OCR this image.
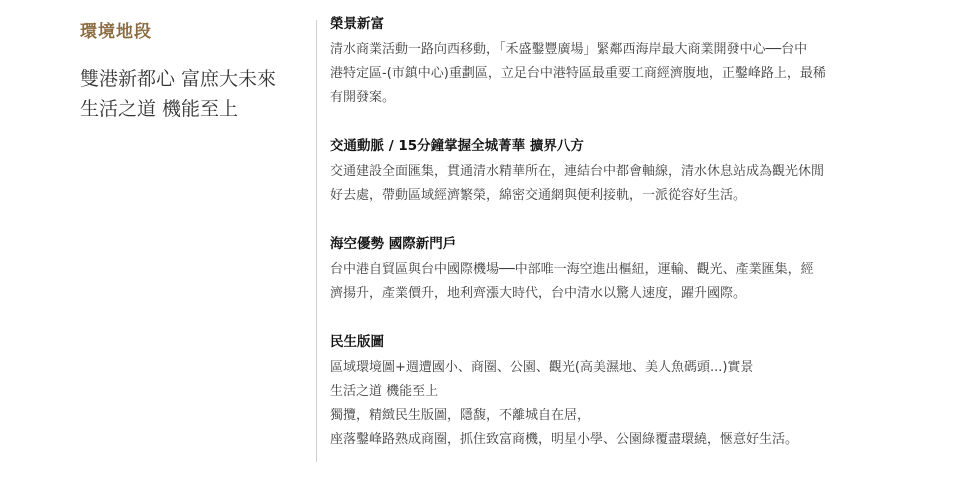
環境地段
雙港新都心 富庶大未來
生活之道 機能至上
榮景新富
清水商業活動一路向西移動，「禾盛鑿豐廣場」緊鄰西海岸最大商業開發中心──台中
港特定區-(市鎮中心)重劃區，立足台中港特區最重要工商經濟腹地，正鑿峰路上，最稀
有開發案。
交通動脈 / 15分鐘掌握全城菁華 擴界八方
交通建設全面匯集，貫通清水精華所在，連結台中都會軸線，清水休息站成為觀光休閒
好去處，帶動區域經濟繁榮，綿密交通網與便利接軌，一派從容好生活。
海空優勢 國際新門戶
台中港自貿區與台中國際機場──中部唯一海空進出樞紐，運輸、觀光、產業匯集，經
濟揚升，產業價升，地利齊漲大時代，台中清水以驚人速度，躍升國際。
民生版圖
區域環境圖+週遭國小、商圈、公園、觀光(高美濕地、美人魚碼頭...)實景
生活之道 機能至上
獨攬，精緻民生版圖，隱馥，不離城自在居，
座落鑿峰路熟成商圈，抓住致富商機，明星小學、公園綠覆盡環繞，愜意好生活。
